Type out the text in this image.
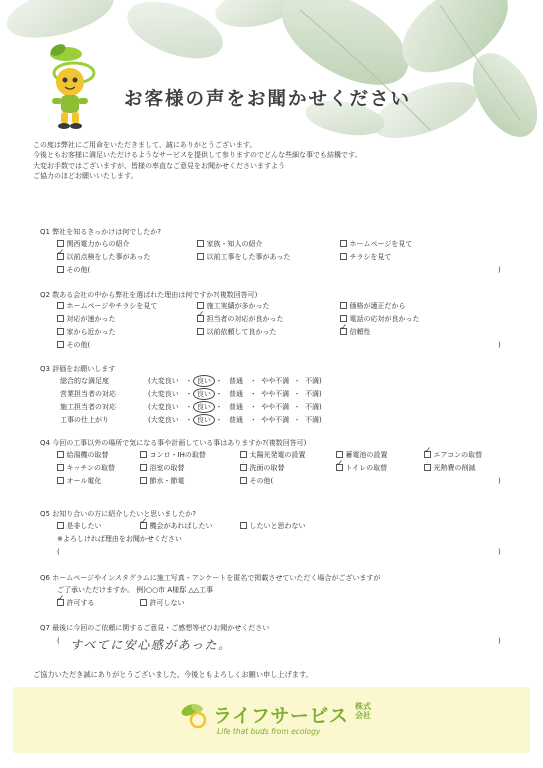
お客様の声をお聞かせください
この度は弊社にご用命をいただきまして、誠にありがとうございます。
今後ともお客様に満足いただけるようなサービスを提供して参りますのでどんな些細な事でも結構です。
大変お手数ではございますが、皆様の率直なご意見をお聞かせくださいますよう
ご協力のほどお願いいたします。
Q1 弊社を知るきっかけは何でしたか?
関西電力からの紹介	家族・知人の紹介	ホームページを見て
✓以前点検をした事があった	以前工事をした事があった	チラシを見て
その他(	)
Q2 数ある会社の中から弊社を選ばれた理由は何ですか?(複数回答可)
ホームページやチラシを見て	施工実績が多かった	価格が適正だから
対応が速かった ✓	担当者の対応が良かった	電話の応対が良かった
家から近かった	以前依頼して良かった ✓	信頼性
その他(	)
Q3 評価をお願いします
総合的な満足度	(大変良い ・ 良い ・ 普通 ・ やや不満 ・ 不満)
営業担当者の対応	(大変良い ・ 良い ・ 普通 ・ やや不満 ・ 不満)
施工担当者の対応	(大変良い ・ 良い ・ 普通 ・ やや不満 ・ 不満)
工事の仕上がり	(大変良い ・ 良い ・ 普通 ・ やや不満 ・ 不満)
Q4 今回の工事以外の場所で気になる事や計画している事はありますか?(複数回答可)
給湯機の取替	コンロ・IHの取替	太陽光発電の設置	蓄電池の設置 ✓	エアコンの取替
キッチンの取替	浴室の取替	洗面の取替 ✓	トイレの取替	光熱費の削減
オール電化	節水・節電	その他(	)
Q5 お知り合いの方に紹介したいと思いましたか?
是非したい ✓	機会があればしたい	したいと思わない
※よろしければ理由をお聞かせください
(	)
Q6 ホームページやインスタグラムに施工写真・アンケートを匿名で掲載させていただく場合がございますが
ご了承いただけますか。 例)○○市 A様邸 △△工事
✓許可する	許可しない
Q7 最後に今回のご依頼に関するご意見・ご感想等ぜひお聞かせください
( すべてに安心感があった。	)
ご協力いただき誠にありがとうございました。今後ともよろしくお願い申し上げます。
ライフサービス 株式
会社
Life that buds from ecology
